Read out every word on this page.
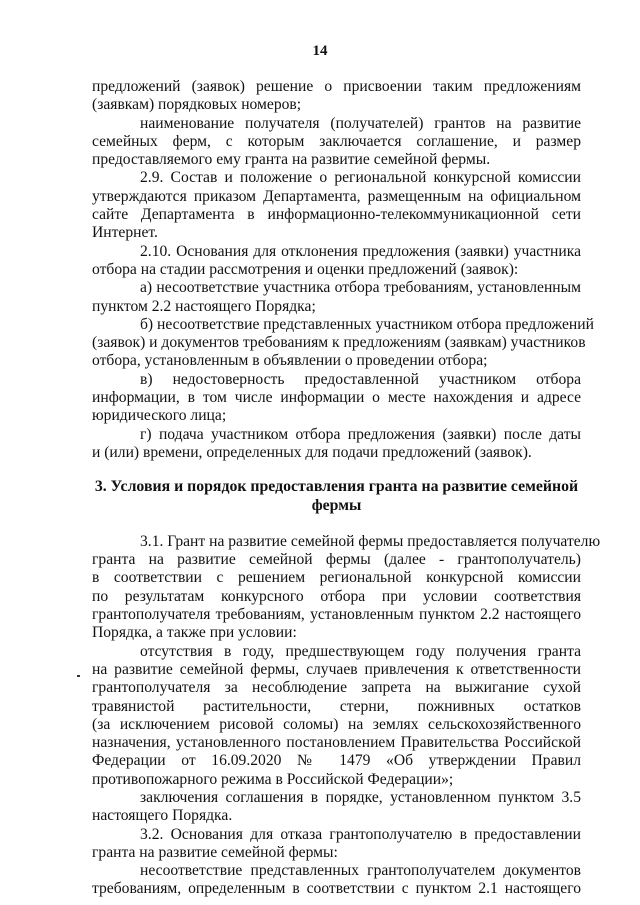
14
предложений (заявок) решение о присвоении таким предложениям
(заявкам) порядковых номеров;
наименование получателя (получателей) грантов на развитие
семейных ферм, с которым заключается соглашение, и размер
предоставляемого ему гранта на развитие семейной фермы.
2.9. Состав и положение о региональной конкурсной комиссии
утверждаются приказом Департамента, размещенным на официальном
сайте Департамента в информационно-телекоммуникационной сети
Интернет.
2.10. Основания для отклонения предложения (заявки) участника
отбора на стадии рассмотрения и оценки предложений (заявок):
а) несоответствие участника отбора требованиям, установленным
пунктом 2.2 настоящего Порядка;
б) несоответствие представленных участником отбора предложений
(заявок) и документов требованиям к предложениям (заявкам) участников
отбора, установленным в объявлении о проведении отбора;
в) недостоверность предоставленной участником отбора
информации, в том числе информации о месте нахождения и адресе
юридического лица;
г) подача участником отбора предложения (заявки) после даты
и (или) времени, определенных для подачи предложений (заявок).
3. Условия и порядок предоставления гранта на развитие семейной
фермы
3.1. Грант на развитие семейной фермы предоставляется получателю
гранта на развитие семейной фермы (далее - грантополучатель)
в соответствии с решением региональной конкурсной комиссии
по результатам конкурсного отбора при условии соответствия
грантополучателя требованиям, установленным пунктом 2.2 настоящего
Порядка, а также при условии:
отсутствия в году, предшествующем году получения гранта
на развитие семейной фермы, случаев привлечения к ответственности
грантополучателя за несоблюдение запрета на выжигание сухой
травянистой растительности, стерни, пожнивных остатков
(за исключением рисовой соломы) на землях сельскохозяйственного
назначения, установленного постановлением Правительства Российской
Федерации от 16.09.2020 № 1479 «Об утверждении Правил
противопожарного режима в Российской Федерации»;
заключения соглашения в порядке, установленном пунктом 3.5
настоящего Порядка.
3.2. Основания для отказа грантополучателю в предоставлении
гранта на развитие семейной фермы:
несоответствие представленных грантополучателем документов
требованиям, определенным в соответствии с пунктом 2.1 настоящего
